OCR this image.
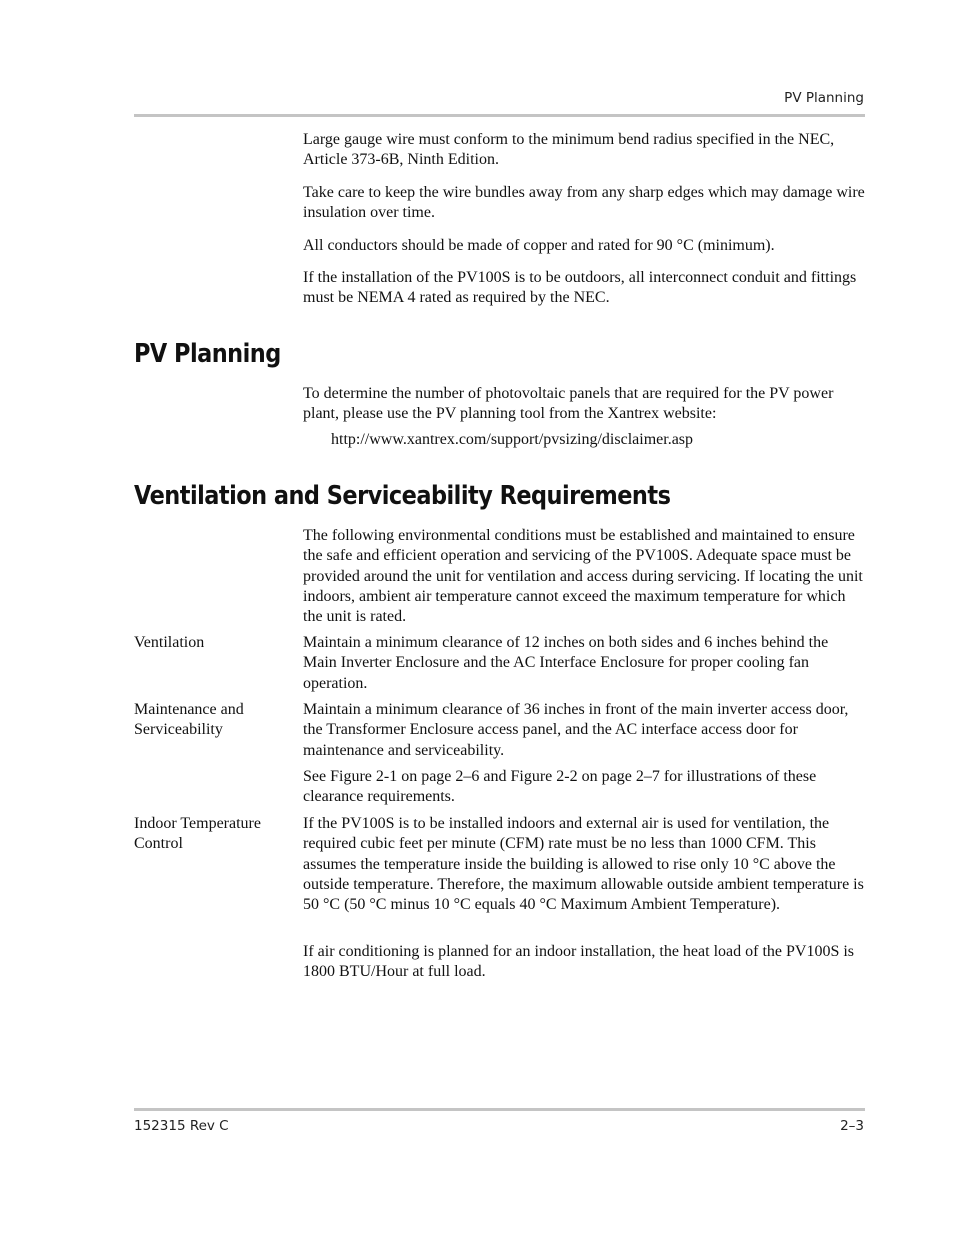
PV Planning

Large gauge wire must conform to the minimum bend radius specified in the NEC, Article 373-6B, Ninth Edition.

Take care to keep the wire bundles away from any sharp edges which may damage wire insulation over time.

All conductors should be made of copper and rated for 90 °C (minimum).

If the installation of the PV100S is to be outdoors, all interconnect conduit and fittings must be NEMA 4 rated as required by the NEC.

PV Planning

To determine the number of photovoltaic panels that are required for the PV power plant, please use the PV planning tool from the Xantrex website:

http://www.xantrex.com/support/pvsizing/disclaimer.asp
Ventilation and Serviceability Requirements

The following environmental conditions must be established and maintained to ensure the safe and efficient operation and servicing of the PV100S. Adequate space must be provided around the unit for ventilation and access during servicing. If locating the unit indoors, ambient air temperature cannot exceed the maximum temperature for which the unit is rated.

Ventilation	Maintain a minimum clearance of 12 inches on both sides and 6 inches behind the Main Inverter Enclosure and the AC Interface Enclosure for proper cooling fan operation.

Maintenance and Serviceability

Maintain a minimum clearance of 36 inches in front of the main inverter access door, the Transformer Enclosure access panel, and the AC interface access door for maintenance and serviceability.

See Figure 2-1 on page 2–6 and Figure 2-2 on page 2–7 for illustrations of these clearance requirements.

Indoor Temperature Control

If the PV100S is to be installed indoors and external air is used for ventilation, the required cubic feet per minute (CFM) rate must be no less than 1000 CFM. This assumes the temperature inside the building is allowed to rise only 10 °C above the outside temperature. Therefore, the maximum allowable outside ambient temperature is 50 °C (50 °C minus 10 °C equals 40 °C Maximum Ambient Temperature).

If air conditioning is planned for an indoor installation, the heat load of the PV100S is 1800 BTU/Hour at full load.

152315 Rev C	2–3
